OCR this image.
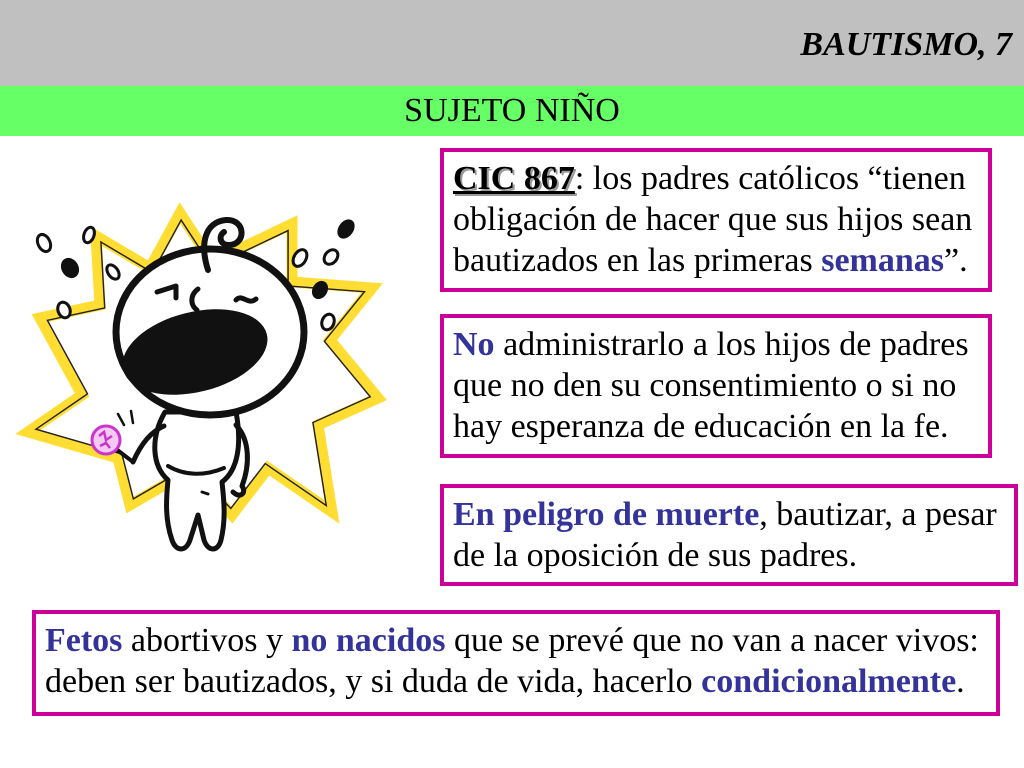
BAUTISMO, 7
SUJETO NIÑO
CIC 867: los padres católicos “tienen
obligación de hacer que sus hijos sean
bautizados en las primeras semanas”.
No administrarlo a los hijos de padres
que no den su consentimiento o si no
hay esperanza de educación en la fe.
En peligro de muerte, bautizar, a pesar
de la oposición de sus padres.
Fetos abortivos y no nacidos que se prevé que no van a nacer vivos:
deben ser bautizados, y si duda de vida, hacerlo condicionalmente.
